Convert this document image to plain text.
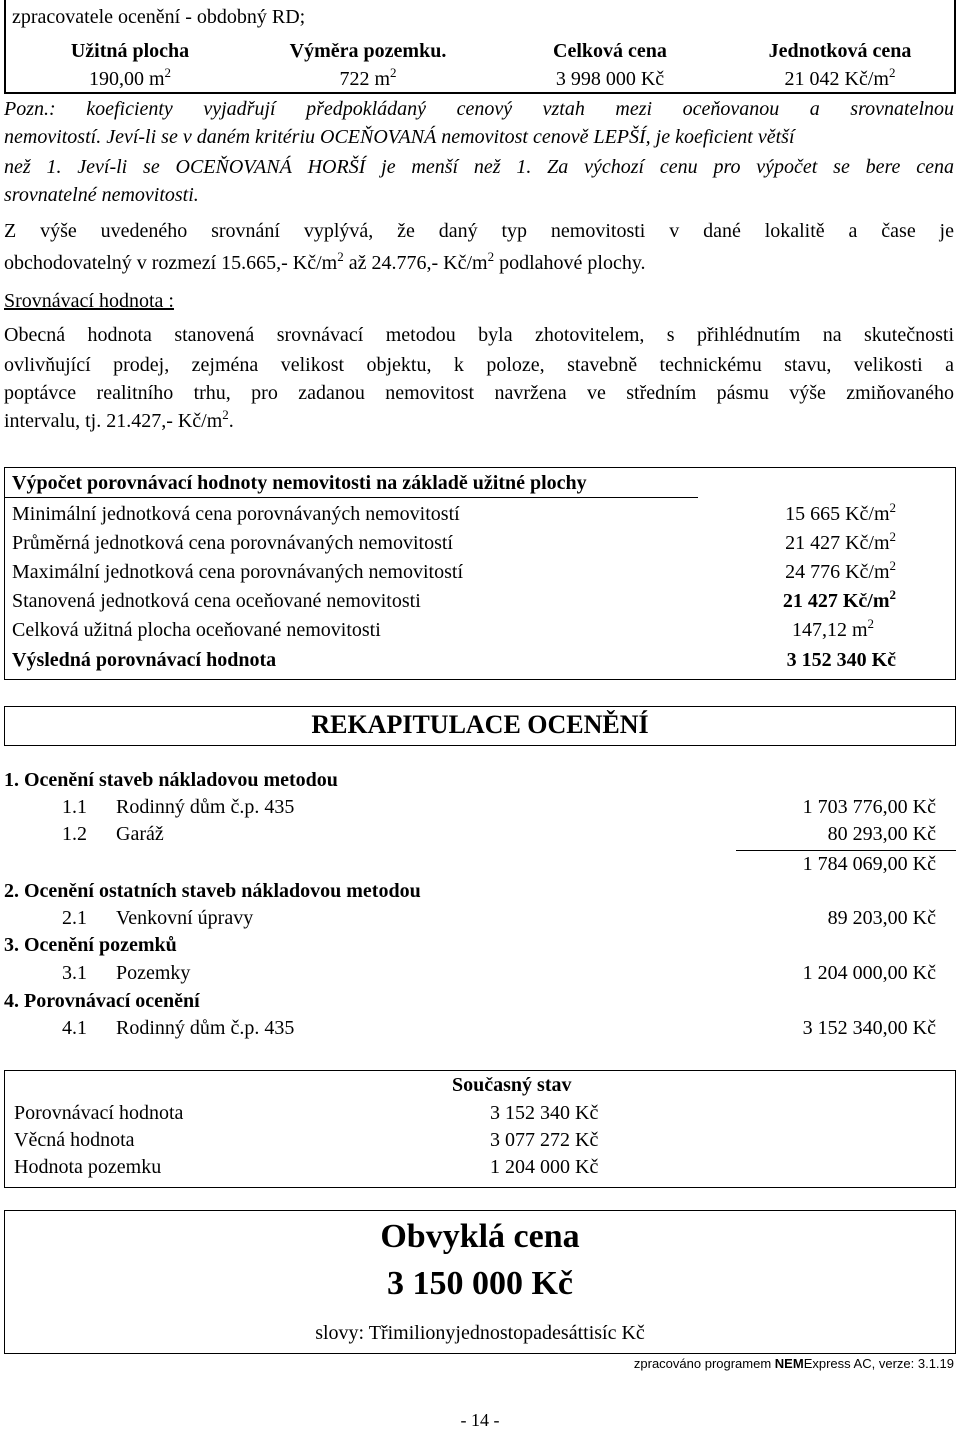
zpracovatele ocenění - obdobný RD;
Užitná plocha	Výměra pozemku.	Celková cena	Jednotková cena
190,00 $m^2$	722 $m^2$	3 998 000 Kč	21 042 $Kč/m^2$
Pozn.: koeficienty vyjadřují předpokládaný cenový vztah mezi oceňovanou a srovnatelnou
nemovitostí. Jeví-li se v daném kritériu OCEŇOVANÁ nemovitost cenově LEPŠÍ, je koeficient větší
než 1. Jeví-li se OCEŇOVANÁ HORŠÍ je menší než 1. Za výchozí cenu pro výpočet se bere cena
srovnatelné nemovitosti.
Z výše uvedeného srovnání vyplývá, že daný typ nemovitosti v dané lokalitě a čase je
obchodovatelný v rozmezí 15.665,- $Kč/m^2$ až 24.776,- $Kč/m^2$ podlahové plochy.
Srovnávací hodnota :
Obecná hodnota stanovená srovnávací metodou byla zhotovitelem, s přihlédnutím na skutečnosti
ovlivňující prodej, zejména velikost objektu, k poloze, stavebně technickému stavu, velikosti a
poptávce realitního trhu, pro zadanou nemovitost navržena ve středním pásmu výše zmiňovaného
intervalu, tj. 21.427,- $Kč/m^2$.
Výpočet porovnávací hodnoty nemovitosti na základě užitné plochy
Minimální jednotková cena porovnávaných nemovitostí	15 665 $Kč/m^2$
Průměrná jednotková cena porovnávaných nemovitostí	21 427 $Kč/m^2$
Maximální jednotková cena porovnávaných nemovitostí	24 776 $Kč/m^2$
Stanovená jednotková cena oceňované nemovitosti	21 427 $Kč/m^2$
Celková užitná plocha oceňované nemovitosti	147,12 $m^2$
Výsledná porovnávací hodnota	3 152 340 Kč
REKAPITULACE OCENĚNÍ
1. Ocenění staveb nákladovou metodou
1.1 Rodinný dům č.p. 435	1 703 776,00 Kč
1.2 Garáž	80 293,00 Kč
1 784 069,00 Kč
2. Ocenění ostatních staveb nákladovou metodou
2.1 Venkovní úpravy	89 203,00 Kč
3. Ocenění pozemků
3.1 Pozemky	1 204 000,00 Kč
4. Porovnávací ocenění
4.1 Rodinný dům č.p. 435	3 152 340,00 Kč
Současný stav
Porovnávací hodnota	3 152 340 Kč
Věcná hodnota	3 077 272 Kč
Hodnota pozemku	1 204 000 Kč
Obvyklá cena
3 150 000 Kč
slovy: Třimilionyjednostopadesáttisíc Kč
zpracováno programem NEMExpress AC, verze: 3.1.19
- 14 -
